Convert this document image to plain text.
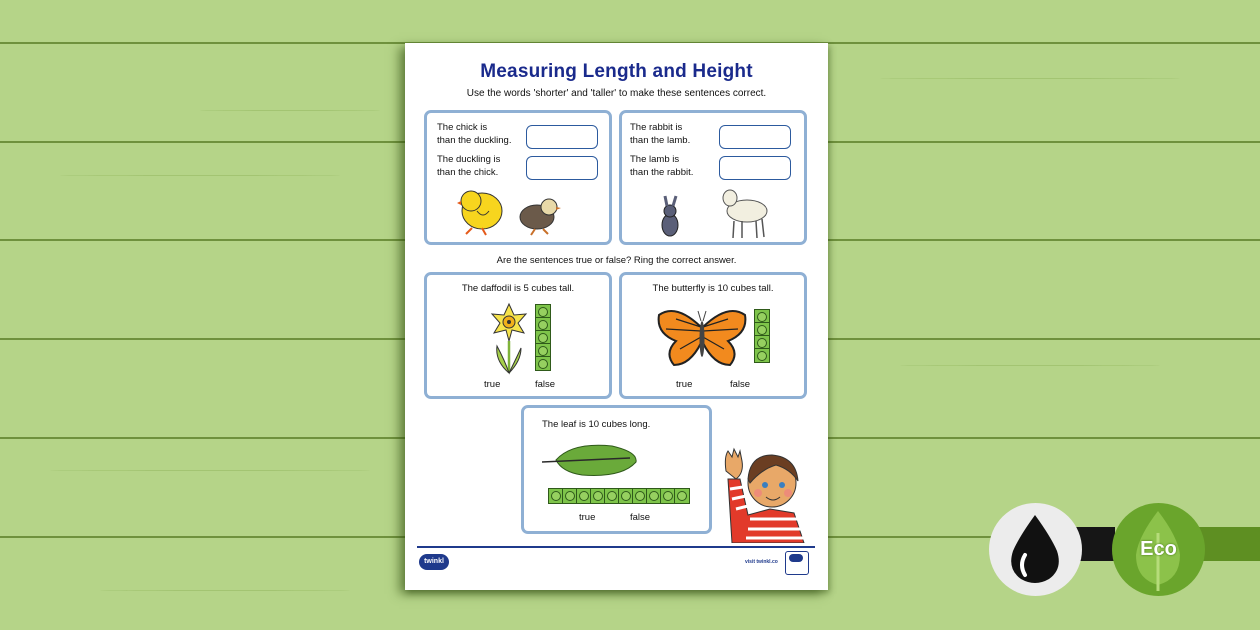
Measuring Length and Height
Use the words 'shorter' and 'taller' to make these sentences correct.
The chick is
than the duckling.
The duckling is
than the chick.
The rabbit is
than the lamb.
The lamb is
than the rabbit.
Are the sentences true or false? Ring the correct answer.
The daffodil is 5 cubes tall.
true	false
The butterfly is 10 cubes tall.
true	false
The leaf is 10 cubes long.
true	false
twinkl	visit twinkl.co
Eco
